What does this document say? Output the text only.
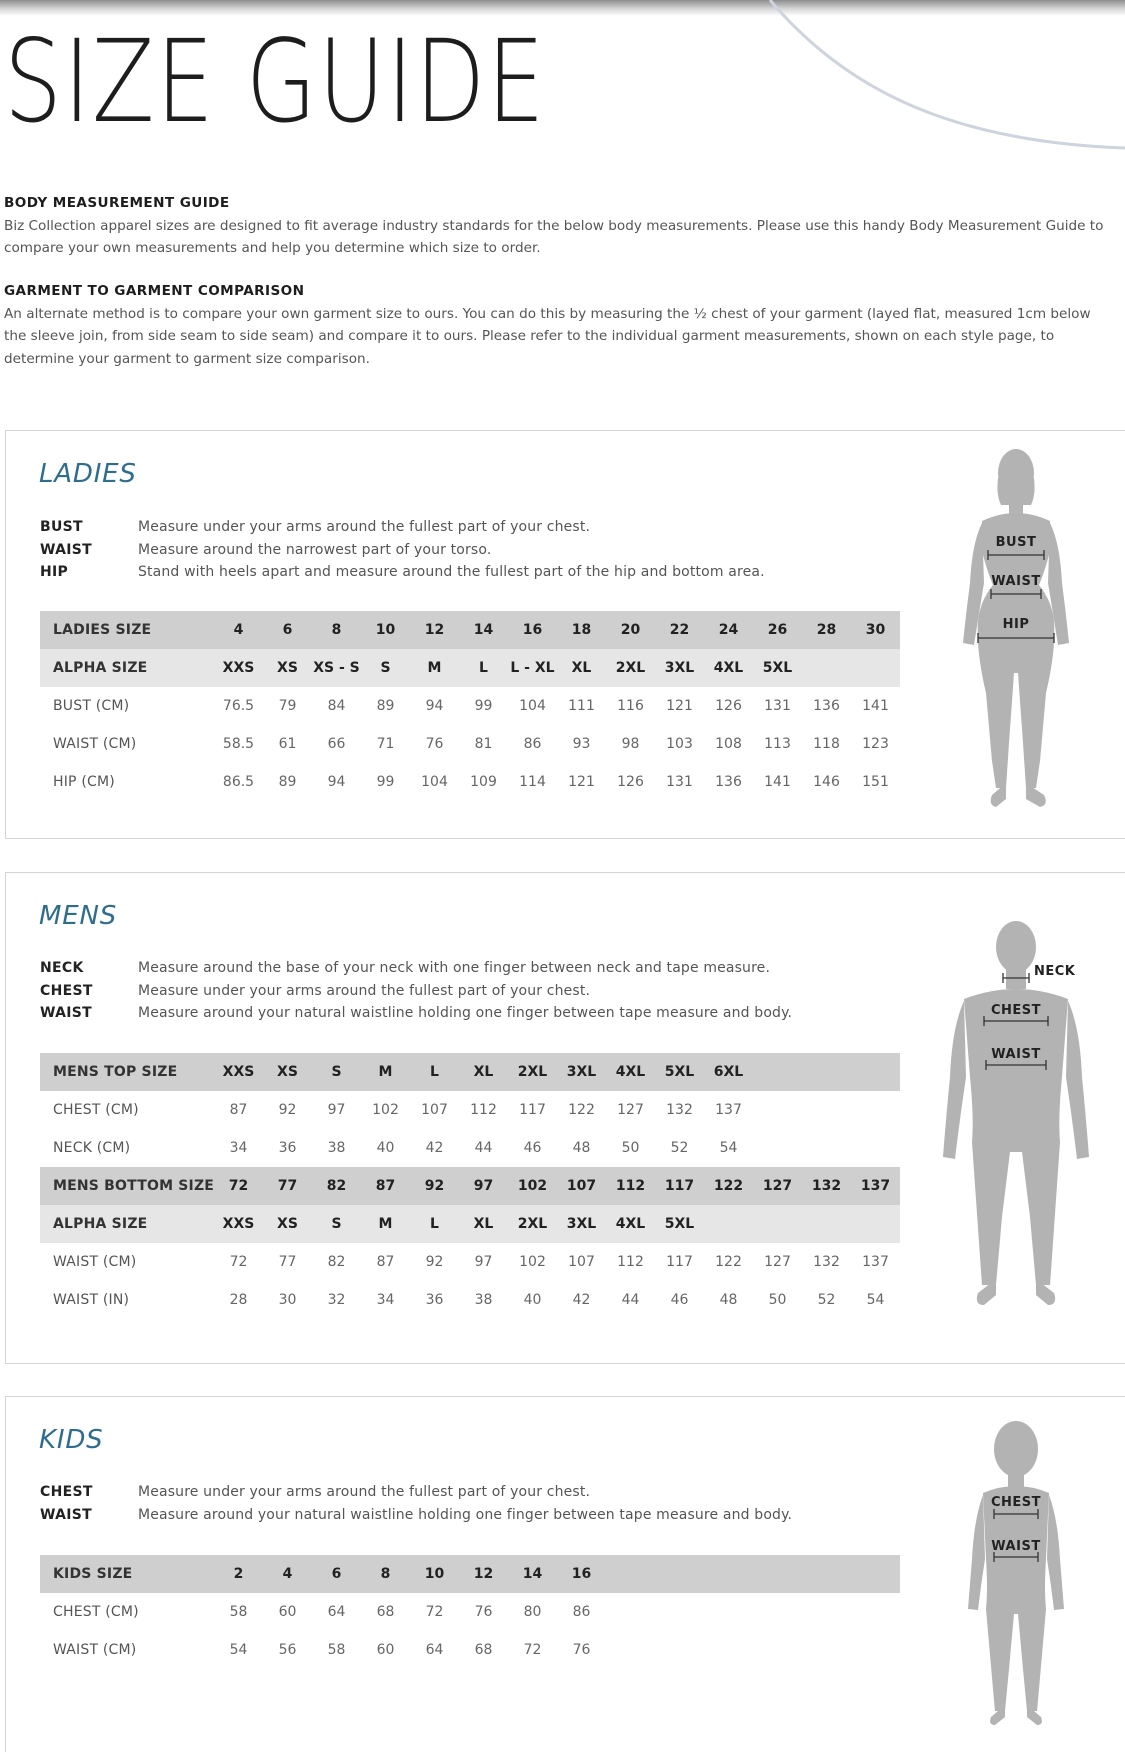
SIZE GUIDE
BODY MEASUREMENT GUIDE

Biz Collection apparel sizes are designed to fit average industry standards for the below body measurements. Please use this handy Body Measurement Guide to compare your own measurements and help you determine which size to order.

GARMENT TO GARMENT COMPARISON

An alternate method is to compare your own garment size to ours. You can do this by measuring the ½ chest of your garment (layed flat, measured 1cm below the sleeve join, from side seam to side seam) and compare it to ours. Please refer to the individual garment measurements, shown on each style page, to determine your garment to garment size comparison.

LADIES
BUST	Measure under your arms around the fullest part of your chest.
WAIST	Measure around the narrowest part of your torso.
HIP	Stand with heels apart and measure around the fullest part of the hip and bottom area.
LADIES SIZE	4	6	8	10	12	14	16	18	20	22	24	26	28	30
ALPHA SIZE	XXS	XS	XS - S	S	M	L	L - XL	XL	2XL	3XL	4XL	5XL		
BUST (CM)	76.5	79	84	89	94	99	104	111	116	121	126	131	136	141
WAIST (CM)	58.5	61	66	71	76	81	86	93	98	103	108	113	118	123
HIP (CM)	86.5	89	94	99	104	109	114	121	126	131	136	141	146	151
BUST
WAIST
HIP
MENS
NECK	Measure around the base of your neck with one finger between neck and tape measure.
CHEST	Measure under your arms around the fullest part of your chest.
WAIST	Measure around your natural waistline holding one finger between tape measure and body.
MENS TOP SIZE	XXS	XS	S	M	L	XL	2XL	3XL	4XL	5XL	6XL			
CHEST (CM)	87	92	97	102	107	112	117	122	127	132	137			
NECK (CM)	34	36	38	40	42	44	46	48	50	52	54			
MENS BOTTOM SIZE	72	77	82	87	92	97	102	107	112	117	122	127	132	137
ALPHA SIZE	XXS	XS	S	M	L	XL	2XL	3XL	4XL	5XL				
WAIST (CM)	72	77	82	87	92	97	102	107	112	117	122	127	132	137
WAIST (IN)	28	30	32	34	36	38	40	42	44	46	48	50	52	54
NECK
CHEST
WAIST
KIDS
CHEST	Measure under your arms around the fullest part of your chest.
WAIST	Measure around your natural waistline holding one finger between tape measure and body.
KIDS SIZE	2	4	6	8	10	12	14	16						
CHEST (CM)	58	60	64	68	72	76	80	86						
WAIST (CM)	54	56	58	60	64	68	72	76						
CHEST
WAIST
